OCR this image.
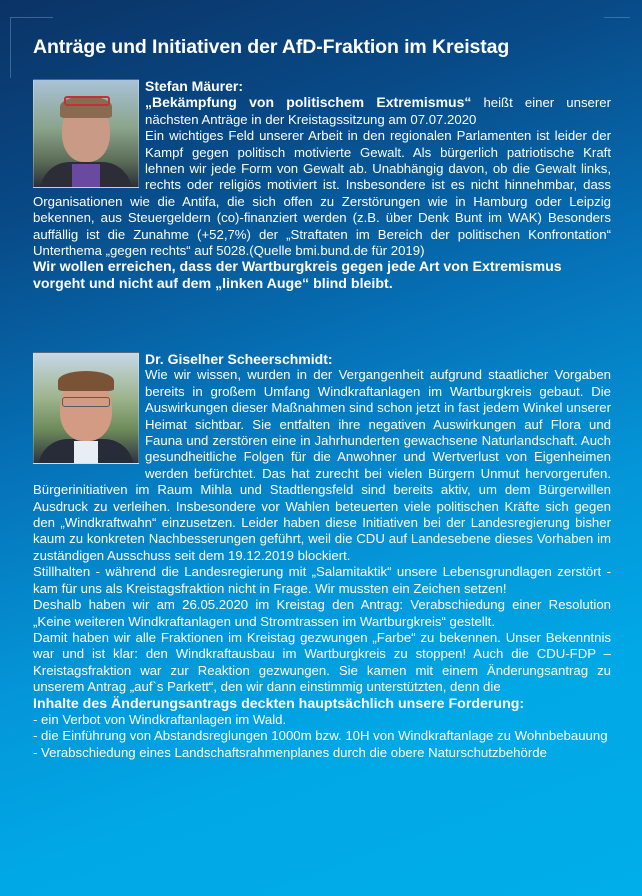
Anträge und Initiativen der AfD-Fraktion im Kreistag
Stefan Mäurer:
„Bekämpfung von politischem Extremismus“ heißt einer unserer nächsten Anträge in der Kreistagssitzung am 07.07.2020
Ein wichtiges Feld unserer Arbeit in den regionalen Parlamenten ist leider der Kampf gegen politisch motivierte Gewalt. Als bürgerlich patriotische Kraft lehnen wir jede Form von Gewalt ab. Unabhängig davon, ob die Gewalt links, rechts oder religiös motiviert ist. Insbesondere ist es nicht hinnehmbar, dass Organisationen wie die Antifa, die sich offen zu Zerstörungen wie in Hamburg oder Leipzig bekennen, aus Steuergeldern (co)-finanziert werden (z.B. über Denk Bunt im WAK) Besonders auffällig ist die Zunahme (+52,7%) der „Straftaten im Bereich der politischen Konfrontation“ Unterthema „gegen rechts“ auf 5028.(Quelle bmi.bund.de für 2019)
Wir wollen erreichen, dass der Wartburgkreis gegen jede Art von Extremismus vorgeht und nicht auf dem „linken Auge“ blind bleibt.
Dr. Giselher Scheerschmidt:
Wie wir wissen, wurden in der Vergangenheit aufgrund staatlicher Vorgaben bereits in großem Umfang Windkraftanlagen im Wartburgkreis gebaut. Die Auswirkungen dieser Maßnahmen sind schon jetzt in fast jedem Winkel unserer Heimat sichtbar. Sie entfalten ihre negativen Auswirkungen auf Flora und Fauna und zerstören eine in Jahrhunderten gewachsene Naturlandschaft. Auch gesundheitliche Folgen für die Anwohner und Wertverlust von Eigenheimen werden befürchtet. Das hat zurecht bei vielen Bürgern Unmut hervorgerufen. Bürgerinitiativen im Raum Mihla und Stadtlengsfeld sind bereits aktiv, um dem Bürgerwillen Ausdruck zu verleihen. Insbesondere vor Wahlen beteuerten viele politischen Kräfte sich gegen den „Windkraftwahn“ einzusetzen. Leider haben diese Initiativen bei der Landesregierung bisher kaum zu konkreten Nachbesserungen geführt, weil die CDU auf Landesebene dieses Vorhaben im zuständigen Ausschuss seit dem 19.12.2019 blockiert.
Stillhalten - während die Landesregierung mit „Salamitaktik“ unsere Lebensgrundlagen zerstört - kam für uns als Kreistagsfraktion nicht in Frage. Wir mussten ein Zeichen setzen!
Deshalb haben wir am 26.05.2020 im Kreistag den Antrag: Verabschiedung einer Resolution „Keine weiteren Windkraftanlagen und Stromtrassen im Wartburgkreis“ gestellt.
Damit haben wir alle Fraktionen im Kreistag gezwungen „Farbe“ zu bekennen. Unser Bekenntnis war und ist klar: den Windkraftausbau im Wartburgkreis zu stoppen! Auch die CDU-FDP – Kreistagsfraktion war zur Reaktion gezwungen. Sie kamen mit einem Änderungsantrag zu unserem Antrag „auf`s Parkett“, den wir dann einstimmig unterstützten, denn die
Inhalte des Änderungsantrags deckten hauptsächlich unsere Forderung:
- ein Verbot von Windkraftanlagen im Wald.
- die Einführung von Abstandsreglungen 1000m bzw. 10H von Windkraftanlage zu Wohnbebauung
- Verabschiedung eines Landschaftsrahmenplanes durch die obere Naturschutzbehörde
